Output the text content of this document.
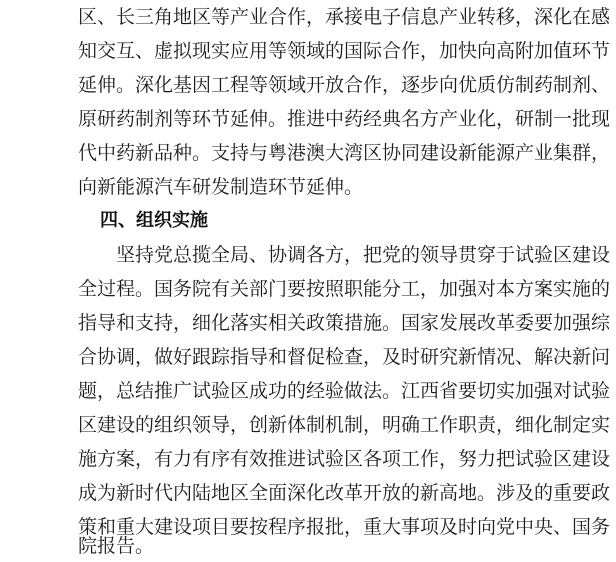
区、长三角地区等产业合作，承接电子信息产业转移，深化在感
知交互、虚拟现实应用等领域的国际合作，加快向高附加值环节
延伸。深化基因工程等领域开放合作，逐步向优质仿制药制剂、
原研药制剂等环节延伸。推进中药经典名方产业化，研制一批现
代中药新品种。支持与粤港澳大湾区协同建设新能源产业集群，
向新能源汽车研发制造环节延伸。
四、组织实施
　　坚持党总揽全局、协调各方，把党的领导贯穿于试验区建设
全过程。国务院有关部门要按照职能分工，加强对本方案实施的
指导和支持，细化落实相关政策措施。国家发展改革委要加强综
合协调，做好跟踪指导和督促检查，及时研究新情况、解决新问
题，总结推广试验区成功的经验做法。江西省要切实加强对试验
区建设的组织领导，创新体制机制，明确工作职责，细化制定实
施方案，有力有序有效推进试验区各项工作，努力把试验区建设
成为新时代内陆地区全面深化改革开放的新高地。涉及的重要政
策和重大建设项目要按程序报批，重大事项及时向党中央、国务
院报告。
